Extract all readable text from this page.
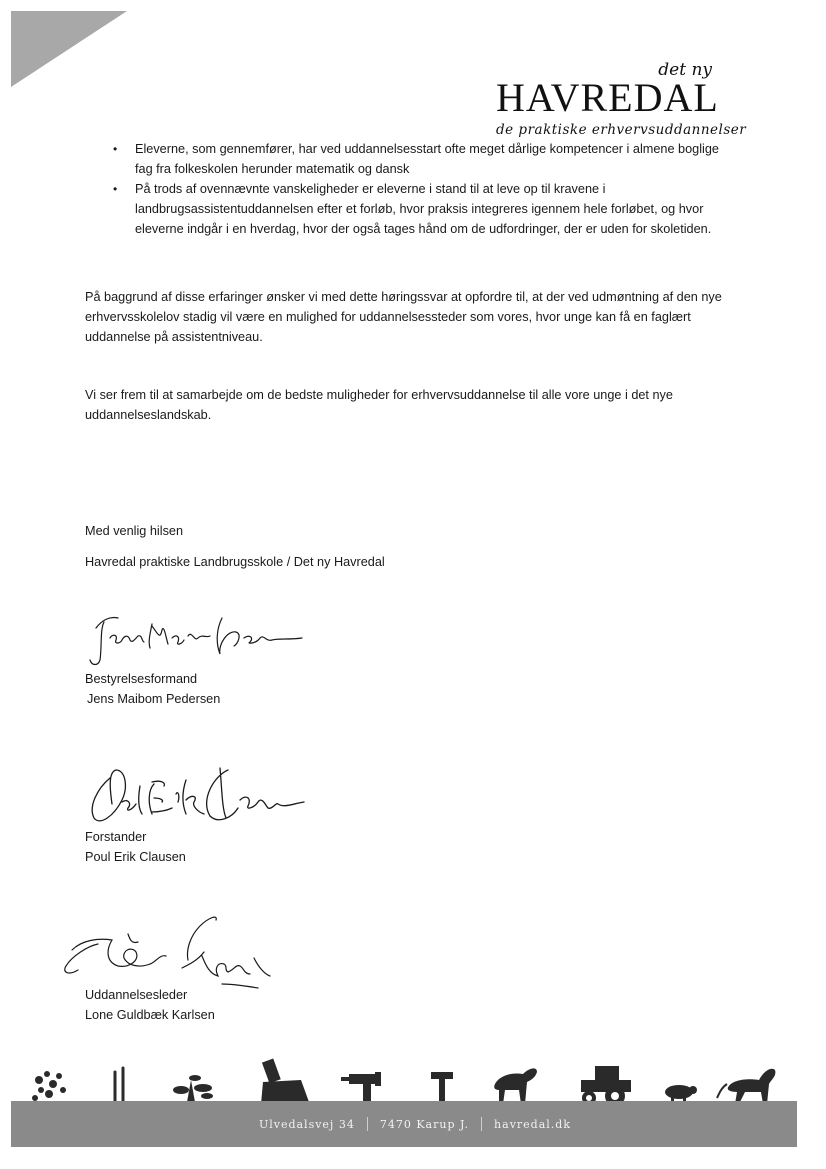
det ny
HAVREDAL
de praktiske erhvervsuddannelser
• Eleverne, som gennemfører, har ved uddannelsesstart ofte meget dårlige kompetencer i almene boglige fag fra folkeskolen herunder matematik og dansk
• På trods af ovennævnte vanskeligheder er eleverne i stand til at leve op til kravene i landbrugsassistentuddannelsen efter et forløb, hvor praksis integreres igennem hele forløbet, og hvor eleverne indgår i en hverdag, hvor der også tages hånd om de udfordringer, der er uden for skoletiden.

På baggrund af disse erfaringer ønsker vi med dette høringssvar at opfordre til, at der ved udmøntning af den nye erhvervsskolelov stadig vil være en mulighed for uddannelsessteder som vores, hvor unge kan få en faglært uddannelse på assistentniveau.

Vi ser frem til at samarbejde om de bedste muligheder for erhvervsuddannelse til alle vore unge i det nye uddannelseslandskab.

Med venlig hilsen

Havredal praktiske Landbrugsskole / Det ny Havredal

Bestyrelsesformand

Jens Maibom Pedersen

Forstander

Poul Erik Clausen

Uddannelsesleder

Lone Guldbæk Karlsen

Ulvedalsvej 34 7470 Karup J. havredal.dk
